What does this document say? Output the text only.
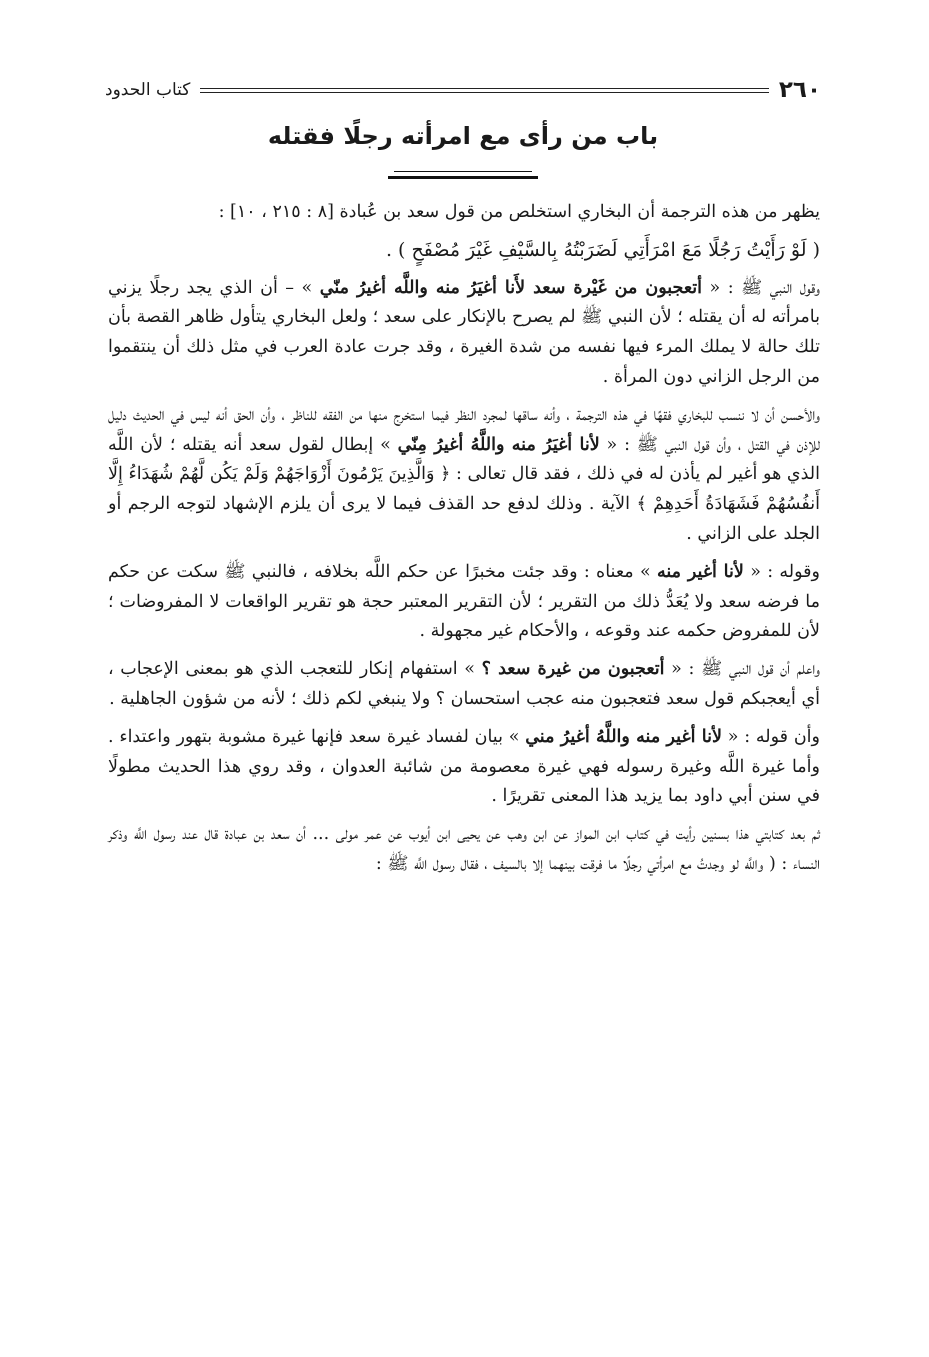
٢٦٠
كتاب الحدود
باب من رأى مع امرأته رجلًا فقتله

يظهر من هذه الترجمة أن البخاري استخلص من قول سعد بن عُبادة [٨ : ٢١٥ ، ١٠] :

( لَوْ رَأَيْتُ رَجُلًا مَعَ امْرَأَتِي لَضَرَبْتُهُ بِالسَّيْفِ غَيْرَ مُصْفَحٍ ) .

وقول النبي ﷺ : « أتعجبون من غَيْرة سعد لأَنا أغيَرُ منه واللَّه أغيرُ منّي » – أن الذي يجد رجلًا يزني بامرأته له أن يقتله ؛ لأن النبي ﷺ لم يصرح بالإنكار على سعد ؛ ولعل البخاري يتأول ظاهر القصة بأن تلك حالة لا يملك المرء فيها نفسه من شدة الغيرة ، وقد جرت عادة العرب في مثل ذلك أن ينتقموا من الرجل الزاني دون المرأة .

والأحسن أن لا ننسب للبخاري فقهًا في هذه الترجمة ، وأنه ساقها لمجرد النظر فيما استخرج منها من الفقه للناظر ، وأن الحق أنه ليس في الحديث دليل للإذن في القتل ، وأن قول النبي ﷺ : « لأنا أغيَرُ منه واللَّهُ أغيرُ مِنّي » إبطال لقول سعد أنه يقتله ؛ لأن اللَّه الذي هو أغير لم يأذن له في ذلك ، فقد قال تعالى : ﴿ وَالَّذِينَ يَرْمُونَ أَزْوَاجَهُمْ وَلَمْ يَكُن لَّهُمْ شُهَدَاءُ إِلَّا أَنفُسُهُمْ فَشَهَادَةُ أَحَدِهِمْ ﴾ الآية . وذلك لدفع حد القذف فيما لا يرى أن يلزم الإشهاد لتوجه الرجم أو الجلد على الزاني .

وقوله : « لأنا أغير منه » معناه : وقد جئت مخبرًا عن حكم اللَّه بخلافه ، فالنبي ﷺ سكت عن حكم ما فرضه سعد ولا يُعَدُّ ذلك من التقرير ؛ لأن التقرير المعتبر حجة هو تقرير الواقعات لا المفروضات ؛ لأن للمفروض حكمه عند وقوعه ، والأحكام غير مجهولة .

واعلم أن قول النبي ﷺ : « أتعجبون من غيرة سعد ؟ » استفهام إنكار للتعجب الذي هو بمعنى الإعجاب ، أي أيعجبكم قول سعد فتعجبون منه عجب استحسان ؟ ولا ينبغي لكم ذلك ؛ لأنه من شؤون الجاهلية .

وأن قوله : « لأنا أغير منه واللَّهُ أغيرُ مني » بيان لفساد غيرة سعد فإنها غيرة مشوبة بتهور واعتداء . وأما غيرة اللَّه وغيرة رسوله فهي غيرة معصومة من شائبة العدوان ، وقد روي هذا الحديث مطولًا في سنن أبي داود بما يزيد هذا المعنى تقريرًا .

ثم بعد كتابتي هذا بسنين رأيت في كتاب ابن المواز عن ابن وهب عن يحيى ابن أيوب عن عمر مولى ... أن سعد بن عبادة قال عند رسول اللَّه وذكر النساء : ( واللَّه لو وجدتُ مع امرأتي رجلًا ما فرقت بينهما إلا بالسيف ، فقال رسول اللَّه ﷺ :
